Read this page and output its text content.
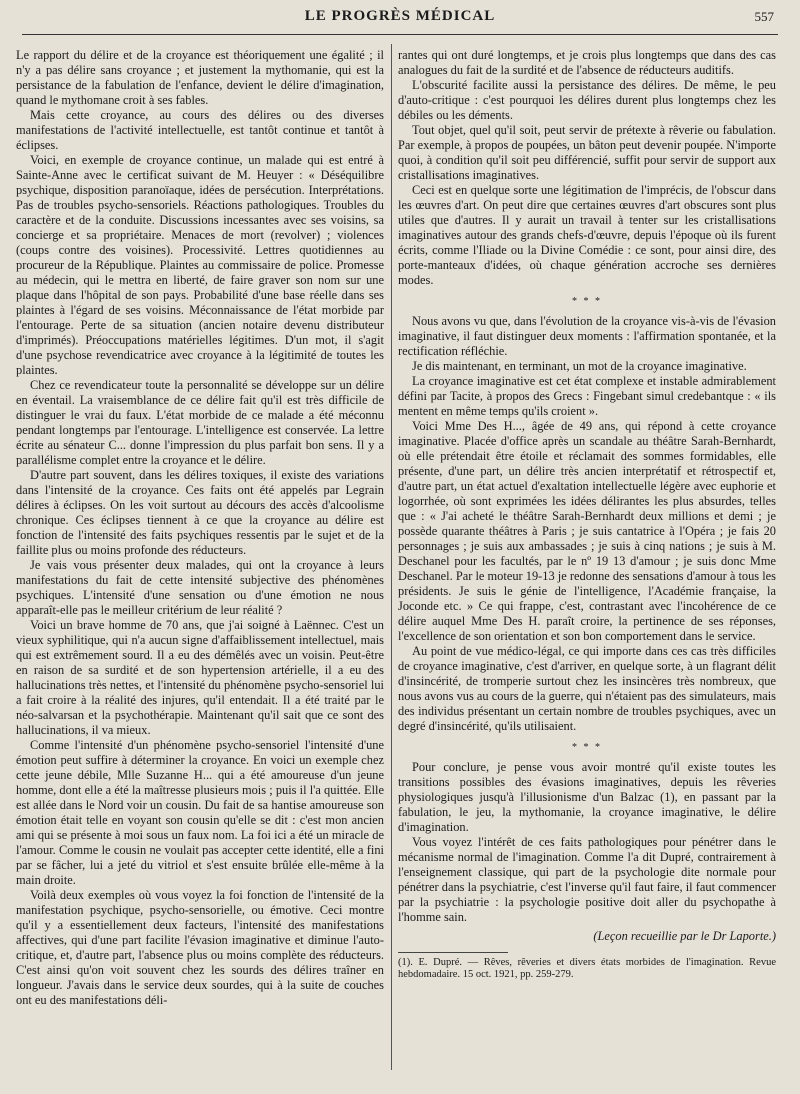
LE PROGRÈS MÉDICAL	557

Le rapport du délire et de la croyance est théoriquement une égalité ; il n'y a pas délire sans croyance ; et justement la mythomanie, qui est la persistance de la fabulation de l'enfance, devient le délire d'imagination, quand le mythomane croit à ses fables.

Mais cette croyance, au cours des délires ou des diverses manifestations de l'activité intellectuelle, est tantôt continue et tantôt à éclipses.

Voici, en exemple de croyance continue, un malade qui est entré à Sainte-Anne avec le certificat suivant de M. Heuyer : « Déséquilibre psychique, disposition paranoïaque, idées de persécution. Interprétations. Pas de troubles psycho-sensoriels. Réactions pathologiques. Troubles du caractère et de la conduite. Discussions incessantes avec ses voisins, sa concierge et sa propriétaire. Menaces de mort (revolver) ; violences (coups contre des voisines). Processivité. Lettres quotidiennes au procureur de la République. Plaintes au commissaire de police. Promesse au médecin, qui le mettra en liberté, de faire graver son nom sur une plaque dans l'hôpital de son pays. Probabilité d'une base réelle dans ses plaintes à l'égard de ses voisins. Méconnaissance de l'état morbide par l'entourage. Perte de sa situation (ancien notaire devenu distributeur d'imprimés). Préoccupations matérielles légitimes. D'un mot, il s'agit d'une psychose revendicatrice avec croyance à la légitimité de toutes les plaintes.

Chez ce revendicateur toute la personnalité se développe sur un délire en éventail. La vraisemblance de ce délire fait qu'il est très difficile de distinguer le vrai du faux. L'état morbide de ce malade a été méconnu pendant longtemps par l'entourage. L'intelligence est conservée. La lettre écrite au sénateur C... donne l'impression du plus parfait bon sens. Il y a parallélisme complet entre la croyance et le délire.

D'autre part souvent, dans les délires toxiques, il existe des variations dans l'intensité de la croyance. Ces faits ont été appelés par Legrain délires à éclipses. On les voit surtout au décours des accès d'alcoolisme chronique. Ces éclipses tiennent à ce que la croyance au délire est fonction de l'intensité des faits psychiques ressentis par le sujet et de la faillite plus ou moins profonde des réducteurs.

Je vais vous présenter deux malades, qui ont la croyance à leurs manifestations du fait de cette intensité subjective des phénomènes psychiques. L'intensité d'une sensation ou d'une émotion ne nous apparaît-elle pas le meilleur critérium de leur réalité ?

Voici un brave homme de 70 ans, que j'ai soigné à Laënnec. C'est un vieux syphilitique, qui n'a aucun signe d'affaiblissement intellectuel, mais qui est extrêmement sourd. Il a eu des démêlés avec un voisin. Peut-être en raison de sa surdité et de son hypertension artérielle, il a eu des hallucinations très nettes, et l'intensité du phénomène psycho-sensoriel lui a fait croire à la réalité des injures, qu'il entendait. Il a été traité par le néo-salvarsan et la psychothérapie. Maintenant qu'il sait que ce sont des hallucinations, il va mieux.

Comme l'intensité d'un phénomène psycho-sensoriel l'intensité d'une émotion peut suffire à déterminer la croyance. En voici un exemple chez cette jeune débile, Mlle Suzanne H... qui a été amoureuse d'un jeune homme, dont elle a été la maîtresse plusieurs mois ; puis il l'a quittée. Elle est allée dans le Nord voir un cousin. Du fait de sa hantise amoureuse son émotion était telle en voyant son cousin qu'elle se dit : c'est mon ancien ami qui se présente à moi sous un faux nom. La foi ici a été un miracle de l'amour. Comme le cousin ne voulait pas accepter cette identité, elle a fini par se fâcher, lui a jeté du vitriol et s'est ensuite brûlée elle-même à la main droite.

Voilà deux exemples où vous voyez la foi fonction de l'intensité de la manifestation psychique, psycho-sensorielle, ou émotive. Ceci montre qu'il y a essentiellement deux facteurs, l'intensité des manifestations affectives, qui d'une part facilite l'évasion imaginative et diminue l'auto-critique, et, d'autre part, l'absence plus ou moins complète des réducteurs. C'est ainsi qu'on voit souvent chez les sourds des délires traîner en longueur. J'avais dans le service deux sourdes, qui à la suite de couches ont eu des manifestations déli-

rantes qui ont duré longtemps, et je crois plus longtemps que dans des cas analogues du fait de la surdité et de l'absence de réducteurs auditifs.

L'obscurité facilite aussi la persistance des délires. De même, le peu d'auto-critique : c'est pourquoi les délires durent plus longtemps chez les débiles ou les déments.

Tout objet, quel qu'il soit, peut servir de prétexte à rêverie ou fabulation. Par exemple, à propos de poupées, un bâton peut devenir poupée. N'importe quoi, à condition qu'il soit peu différencié, suffit pour servir de support aux cristallisations imaginatives.

Ceci est en quelque sorte une légitimation de l'imprécis, de l'obscur dans les œuvres d'art. On peut dire que certaines œuvres d'art obscures sont plus utiles que d'autres. Il y aurait un travail à tenter sur les cristallisations imaginatives autour des grands chefs-d'œuvre, depuis l'époque où ils furent écrits, comme l'Iliade ou la Divine Comédie : ce sont, pour ainsi dire, des porte-manteaux d'idées, où chaque génération accroche ses dernières modes.

* * *

Nous avons vu que, dans l'évolution de la croyance vis-à-vis de l'évasion imaginative, il faut distinguer deux moments : l'affirmation spontanée, et la rectification réfléchie.

Je dis maintenant, en terminant, un mot de la croyance imaginative.

La croyance imaginative est cet état complexe et instable admirablement défini par Tacite, à propos des Grecs : Fingebant simul credebantque : « ils mentent en même temps qu'ils croient ».

Voici Mme Des H..., âgée de 49 ans, qui répond à cette croyance imaginative. Placée d'office après un scandale au théâtre Sarah-Bernhardt, où elle prétendait être étoile et réclamait des sommes formidables, elle présente, d'une part, un délire très ancien interprétatif et rétrospectif et, d'autre part, un état actuel d'exaltation intellectuelle légère avec euphorie et logorrhée, où sont exprimées les idées délirantes les plus absurdes, telles que : « J'ai acheté le théâtre Sarah-Bernhardt deux millions et demi ; je possède quarante théâtres à Paris ; je suis cantatrice à l'Opéra ; je fais 20 personnages ; je suis aux ambassades ; je suis à cinq nations ; je suis à M. Deschanel pour les facultés, par le nº 19 13 d'amour ; je suis donc Mme Deschanel. Par le moteur 19-13 je redonne des sensations d'amour à tous les présidents. Je suis le génie de l'intelligence, l'Académie française, la Joconde etc. » Ce qui frappe, c'est, contrastant avec l'incohérence de ce délire auquel Mme Des H. paraît croire, la pertinence de ses réponses, l'excellence de son orientation et son bon comportement dans le service.

Au point de vue médico-légal, ce qui importe dans ces cas très difficiles de croyance imaginative, c'est d'arriver, en quelque sorte, à un flagrant délit d'insincérité, de tromperie surtout chez les insincères très nombreux, que nous avons vus au cours de la guerre, qui n'étaient pas des simulateurs, mais des individus présentant un certain nombre de troubles psychiques, avec un degré d'insincérité, qu'ils utilisaient.

* * *

Pour conclure, je pense vous avoir montré qu'il existe toutes les transitions possibles des évasions imaginatives, depuis les rêveries physiologiques jusqu'à l'illusionisme d'un Balzac (1), en passant par la fabulation, le jeu, la mythomanie, la croyance imaginative, le délire d'imagination.

Vous voyez l'intérêt de ces faits pathologiques pour pénétrer dans le mécanisme normal de l'imagination. Comme l'a dit Dupré, contrairement à l'enseignement classique, qui part de la psychologie dite normale pour pénétrer dans la psychiatrie, c'est l'inverse qu'il faut faire, il faut commencer par la psychiatrie : la psychologie positive doit aller du psychopathe à l'homme sain.

(Leçon recueillie par le Dr Laporte.)
(1). E. Dupré. — Rêves, rêveries et divers états morbides de l'imagination. Revue hebdomadaire. 15 oct. 1921, pp. 259-279.
